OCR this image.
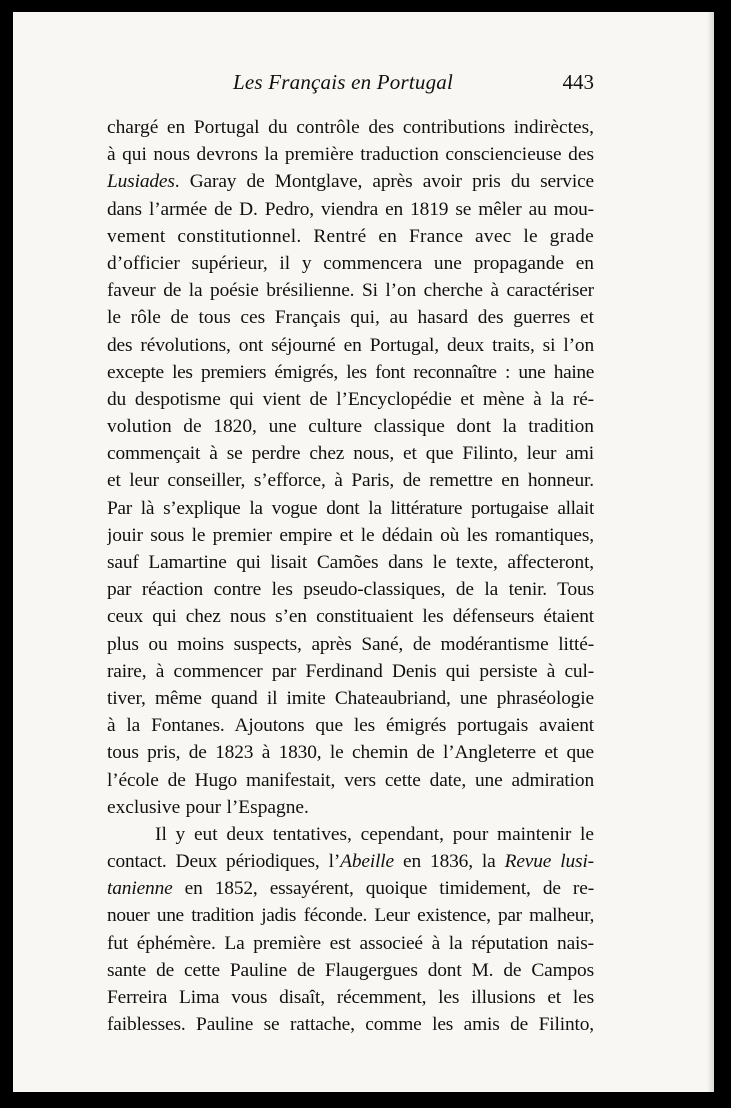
Les Français en Portugal	443
chargé en Portugal du contrôle des contributions indirèctes,
à qui nous devrons la première traduction consciencieuse des
Lusiades. Garay de Montglave, après avoir pris du service
dans l’armée de D. Pedro, viendra en 1819 se mêler au mou-
vement constitutionnel. Rentré en France avec le grade
d’officier supérieur, il y commencera une propagande en
faveur de la poésie brésilienne. Si l’on cherche à caractériser
le rôle de tous ces Français qui, au hasard des guerres et
des révolutions, ont séjourné en Portugal, deux traits, si l’on
excepte les premiers émigrés, les font reconnaître : une haine
du despotisme qui vient de l’Encyclopédie et mène à la ré-
volution de 1820, une culture classique dont la tradition
commençait à se perdre chez nous, et que Filinto, leur ami
et leur conseiller, s’efforce, à Paris, de remettre en honneur.
Par là s’explique la vogue dont la littérature portugaise allait
jouir sous le premier empire et le dédain où les romantiques,
sauf Lamartine qui lisait Camões dans le texte, affecteront,
par réaction contre les pseudo-classiques, de la tenir. Tous
ceux qui chez nous s’en constituaient les défenseurs étaient
plus ou moins suspects, après Sané, de modérantisme litté-
raire, à commencer par Ferdinand Denis qui persiste à cul-
tiver, même quand il imite Chateaubriand, une phraséologie
à la Fontanes. Ajoutons que les émigrés portugais avaient
tous pris, de 1823 à 1830, le chemin de l’Angleterre et que
l’école de Hugo manifestait, vers cette date, une admiration
exclusive pour l’Espagne.
Il y eut deux tentatives, cependant, pour maintenir le
contact. Deux périodiques, l’Abeille en 1836, la Revue lusi-
tanienne en 1852, essayérent, quoique timidement, de re-
nouer une tradition jadis féconde. Leur existence, par malheur,
fut éphémère. La première est associeé à la réputation nais-
sante de cette Pauline de Flaugergues dont M. de Campos
Ferreira Lima vous disaît, récemment, les illusions et les
faiblesses. Pauline se rattache, comme les amis de Filinto,
